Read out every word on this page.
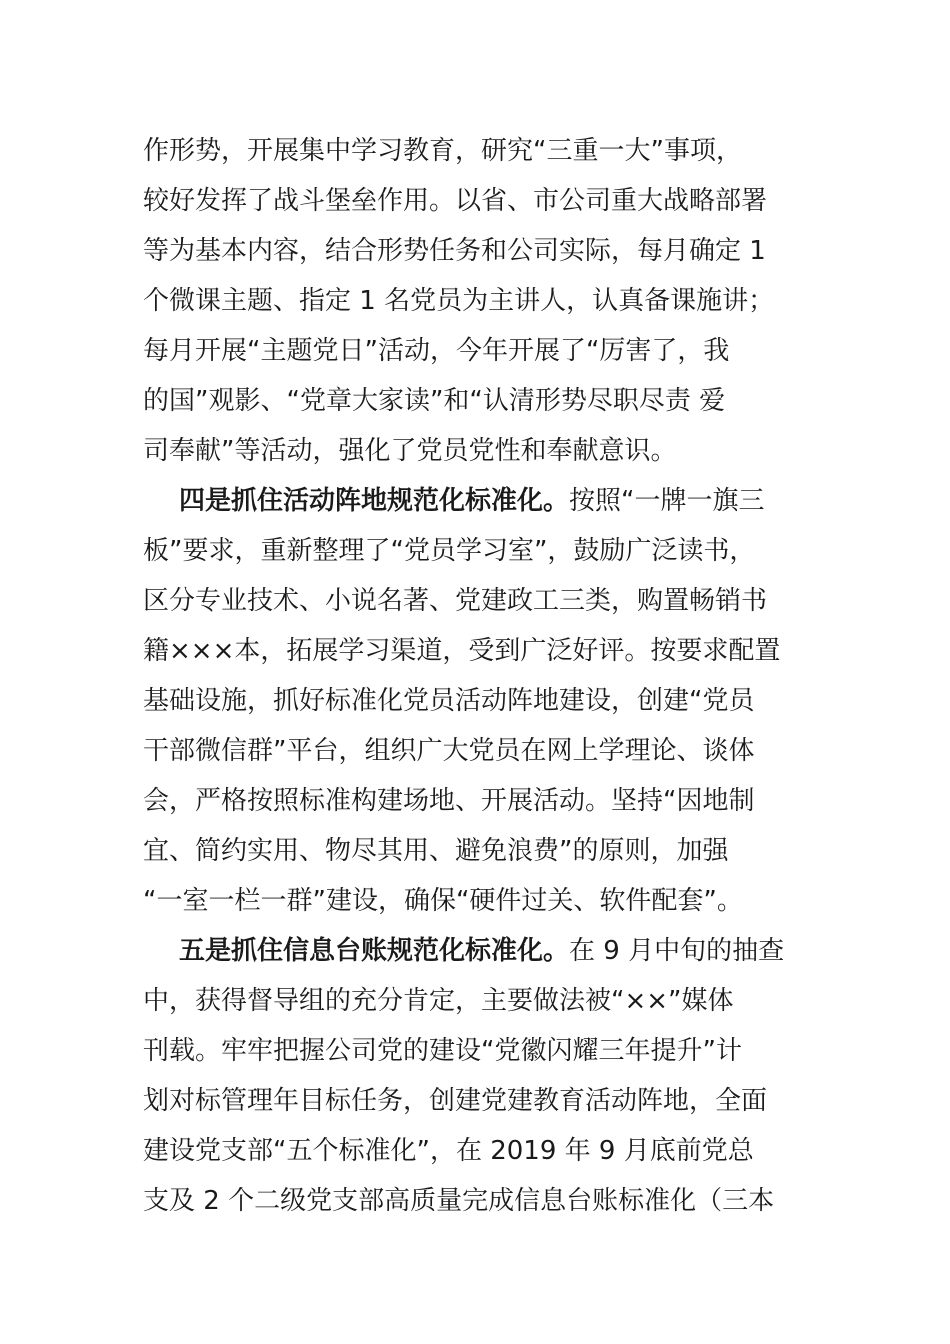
作形势，开展集中学习教育，研究“三重一大”事项，
较好发挥了战斗堡垒作用。以省、市公司重大战略部署
等为基本内容，结合形势任务和公司实际，每月确定 1
个微课主题、指定 1 名党员为主讲人，认真备课施讲；
每月开展“主题党日”活动，今年开展了“厉害了，我
的国”观影、“党章大家读”和“认清形势尽职尽责 爱
司奉献”等活动，强化了党员党性和奉献意识。
四是抓住活动阵地规范化标准化。按照“一牌一旗三
板”要求，重新整理了“党员学习室”，鼓励广泛读书，
区分专业技术、小说名著、党建政工三类，购置畅销书
籍×××本，拓展学习渠道，受到广泛好评。按要求配置
基础设施，抓好标准化党员活动阵地建设，创建“党员
干部微信群”平台，组织广大党员在网上学理论、谈体
会，严格按照标准构建场地、开展活动。坚持“因地制
宜、简约实用、物尽其用、避免浪费”的原则，加强
“一室一栏一群”建设，确保“硬件过关、软件配套”。
五是抓住信息台账规范化标准化。在 9 月中旬的抽查
中，获得督导组的充分肯定，主要做法被“××”媒体
刊载。牢牢把握公司党的建设“党徽闪耀三年提升”计
划对标管理年目标任务，创建党建教育活动阵地，全面
建设党支部“五个标准化”，在 2019 年 9 月底前党总
支及 2 个二级党支部高质量完成信息台账标准化（三本
